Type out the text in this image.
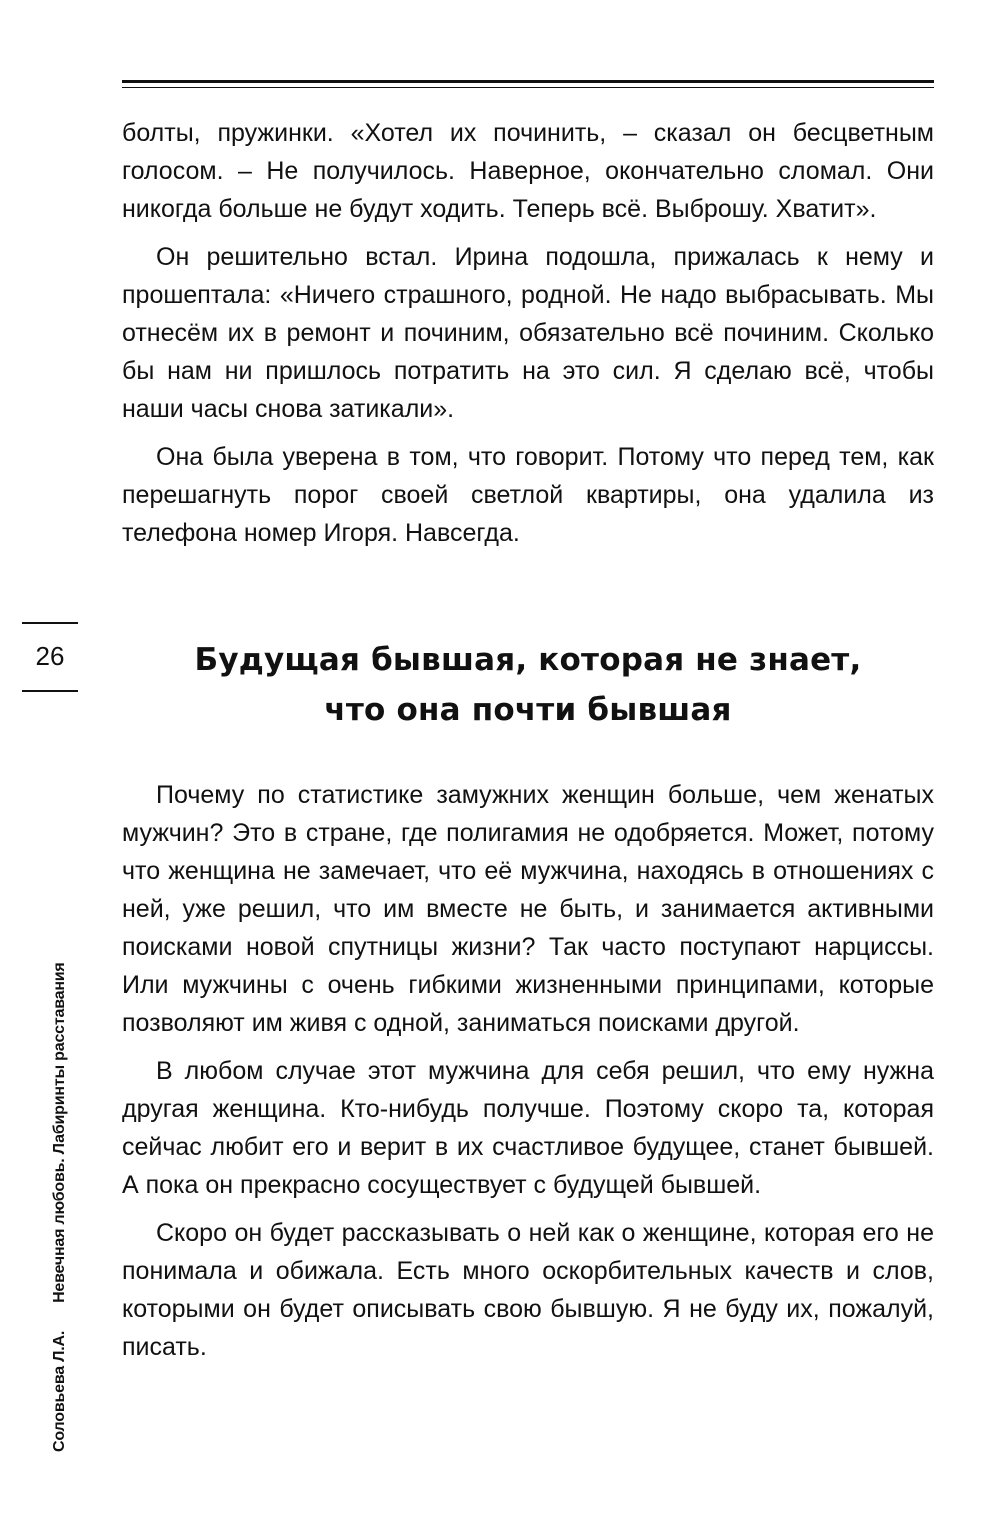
болты, пружинки. «Хотел их починить, – сказал он бесцветным голосом. – Не получилось. Наверное, окончательно сломал. Они никогда больше не будут ходить. Теперь всё. Выброшу. Хватит».

Он решительно встал. Ирина подошла, прижалась к нему и прошептала: «Ничего страшного, родной. Не надо выбрасывать. Мы отнесём их в ремонт и починим, обязательно всё починим. Сколько бы нам ни пришлось потратить на это сил. Я сделаю всё, чтобы наши часы снова затикали».

Она была уверена в том, что говорит. Потому что перед тем, как перешагнуть порог своей светлой квартиры, она удалила из телефона номер Игоря. Навсегда.

26	Будущая бывшая, которая не знает,
что она почти бывшая

Почему по статистике замужних женщин больше, чем женатых мужчин? Это в стране, где полигамия не одобряется. Может, потому что женщина не замечает, что её мужчина, находясь в отношениях с ней, уже решил, что им вместе не быть, и занимается активными поисками новой спутницы жизни? Так часто поступают нарциссы. Или мужчины с очень гибкими жизненными принципами, которые позволяют им живя с одной, заниматься поисками другой.

В любом случае этот мужчина для себя решил, что ему нужна другая женщина. Кто-нибудь получше. Поэтому скоро та, которая сейчас любит его и верит в их счастливое будущее, станет бывшей. А пока он прекрасно сосуществует с будущей бывшей.

Скоро он будет рассказывать о ней как о женщине, которая его не понимала и обижала. Есть много оскорбительных качеств и слов, которыми он будет описывать свою бывшую. Я не буду их, пожалуй, писать.

Соловьева Л.А.Невечная любовь. Лабиринты расставания
